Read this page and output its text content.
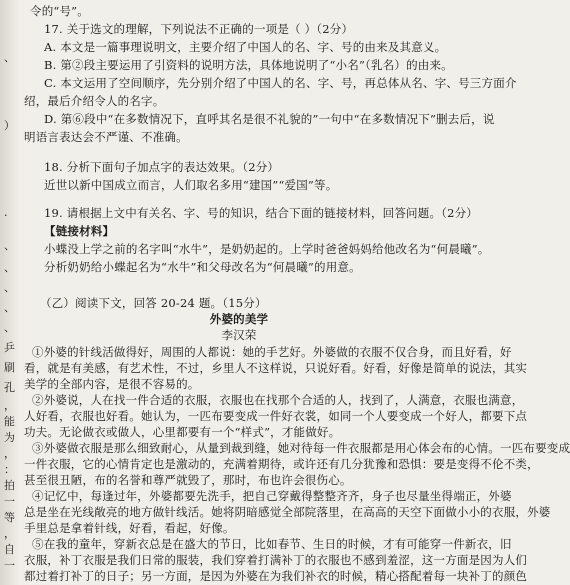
、
）
·
、
、
、
、
、
乒
刷
孔
，
能
为
，
：
拍
一
等
，
自
一
令的“号”。
17. 关于选文的理解，下列说法不正确的一项是（ ）（2分）
A. 本文是一篇事理说明文，主要介绍了中国人的名、字、号的由来及其意义。
B. 第②段主要运用了引资料的说明方法，具体地说明了“小名”（乳名）的由来。
C. 本文运用了空间顺序，先分别介绍了中国人的名、字、号，再总体从名、字、号三方面介
绍，最后介绍令人的名字。
D. 第⑥段中“在多数情况下，直呼其名是很不礼貌的”一句中“在多数情况下”删去后，说
明语言表达会不严谨、不准确。
18. 分析下面句子加点字的表达效果。（2分）
近世以新中国成立而言，人们取名多用“建国”“爱国”等。
19. 请根据上文中有关名、字、号的知识，结合下面的链接材料，回答问题。（2分）
【链接材料】
小蝶没上学之前的名字叫“水牛”，是奶奶起的。上学时爸爸妈妈给他改名为“何晨曦”。
分析奶奶给小蝶起名为“水牛”和父母改名为“何晨曦”的用意。
（乙）阅读下文，回答 20-24 题。（15分）
外婆的美学
李汉荣
①外婆的针线活做得好，周围的人都说：她的手艺好。外婆做的衣服不仅合身，而且好看，好
看，就是有美感，有艺术性，不过，乡里人不这样说，只说好看。好看，好像是简单的说法，其实
美学的全部内容，是很不容易的。
②外婆说，人在找一件合适的衣服，衣服也在找那个合适的人，找到了，人满意，衣服也满意，
人好看，衣服也好看。她认为，一匹布要变成一件好衣裳，如同一个人要变成一个好人，都要下点
功夫。无论做衣或做人，心里都要有一个“样式”，才能做好。
③外婆做衣服是那么细致耐心，从量到裁到缝，她对待每一件衣服都是用心体会布的心情。一匹布要变成
一件衣服，它的心情肯定也是激动的，充满着期待，或许还有几分犹豫和恐惧：要是变得不伦不类，
甚至很丑陋，布的名誉和尊严就毁了，那时，布也许会很伤心。
④记忆中，每逢过年，外婆都要先洗手，把自己穿戴得整整齐齐，身子也尽量坐得端正，外婆
总是坐在光线敞亮的地方做针线活。她将阴暗感觉全部院落里，在高高的天空下面做小小的衣服，外婆
手里总是拿着针线，好看，看起，好像。
⑤在我的童年，穿新衣总是在盛大的节日，比如春节、生日的时候，才有可能穿一件新衣，旧
衣服，补丁衣服是我们日常的服装，我们穿着打满补丁的衣服也不感到羞涩，这一方面是因为人们
都过着打补丁的日子；另一方面，是因为外婆在为我们补衣的时候，精心搭配着每一块补丁的颜色
